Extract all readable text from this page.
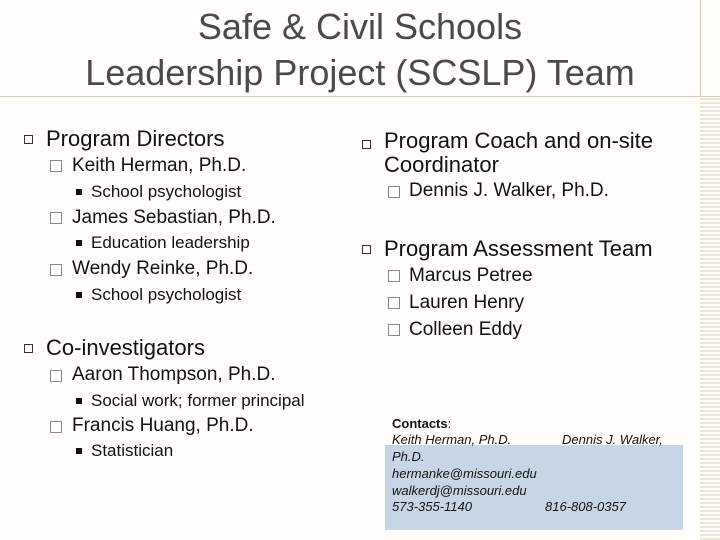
Safe & Civil Schools
Leadership Project (SCSLP) Team
Program Directors
Keith Herman, Ph.D.
School psychologist
James Sebastian, Ph.D.
Education leadership
Wendy Reinke, Ph.D.
School psychologist
Co-investigators
Aaron Thompson, Ph.D.
Social work; former principal
Francis Huang, Ph.D.
Statistician
Program Coach and on-site
Coordinator
Dennis J. Walker, Ph.D.
Program Assessment Team
Marcus Petree
Lauren Henry
Colleen Eddy
Contacts:
Keith Herman, Ph.D.	Dennis J. Walker,
Ph.D.
hermanke@missouri.edu
walkerdj@missouri.edu
573-355-1140	816-808-0357
